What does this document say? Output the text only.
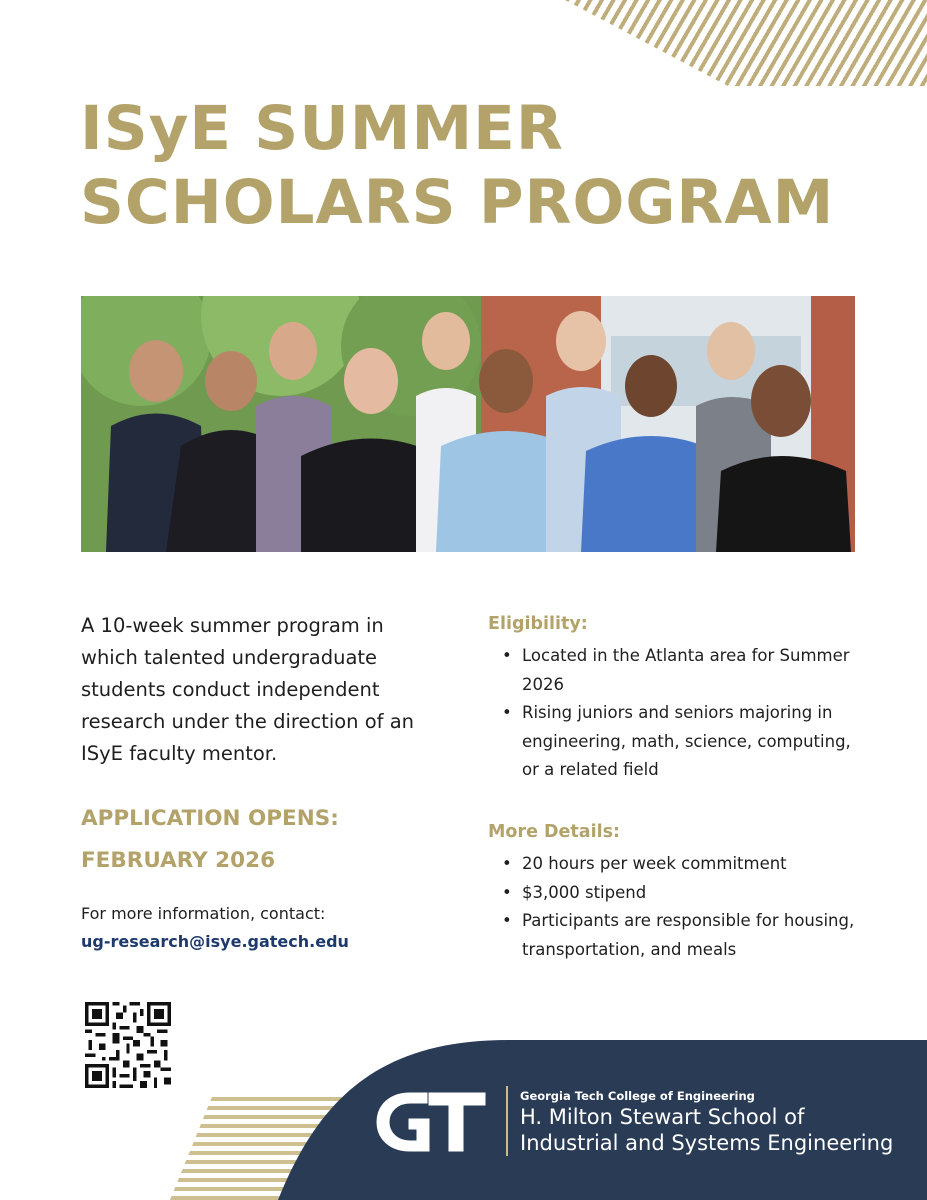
ISyE SUMMER
SCHOLARS PROGRAM
A 10-week summer program in which talented undergraduate students conduct independent research under the direction of an ISyE faculty mentor.
APPLICATION OPENS:
FEBRUARY 2026
For more information, contact:
ug-research@isye.gatech.edu
Eligibility:
• Located in the Atlanta area for Summer 2026
• Rising juniors and seniors majoring in engineering, math, science, computing, or a related field
More Details:
• 20 hours per week commitment
• $3,000 stipend
• Participants are responsible for housing, transportation, and meals
Georgia Tech College of Engineering
H. Milton Stewart School of
Industrial and Systems Engineering
